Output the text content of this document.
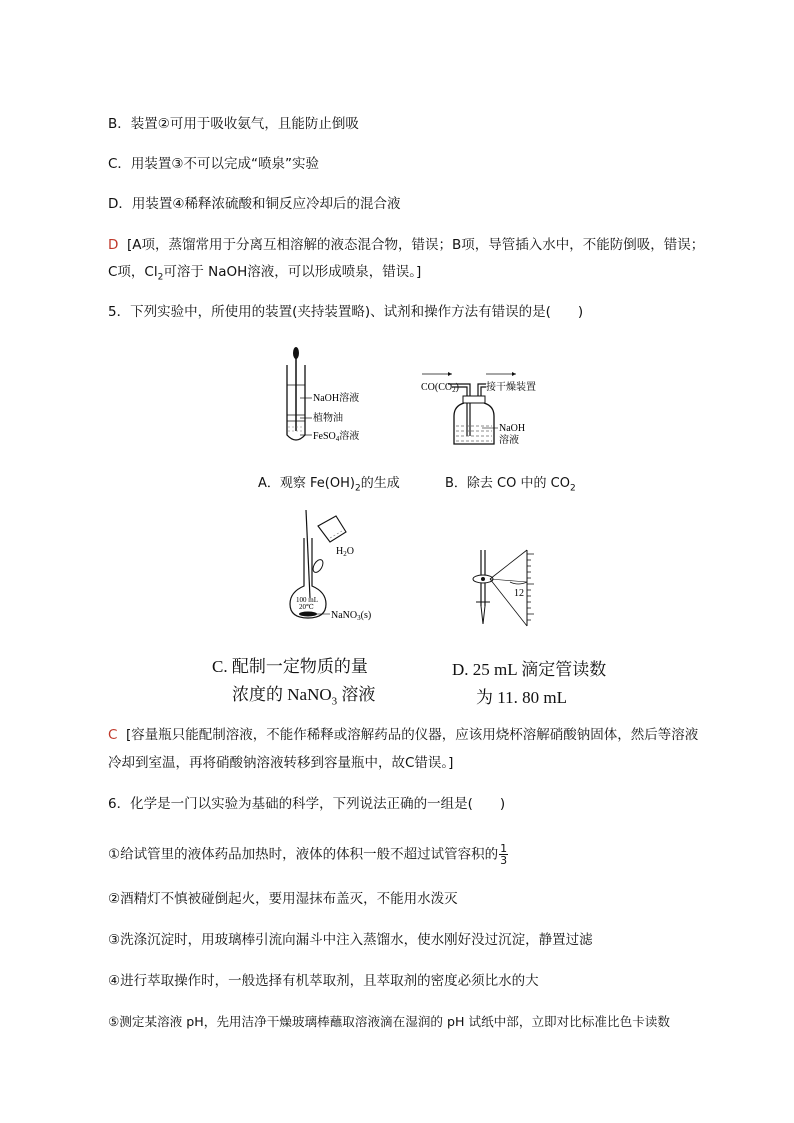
B．装置②可用于吸收氨气，且能防止倒吸
C．用装置③不可以完成“喷泉”实验
D．用装置④稀释浓硫酸和铜反应冷却后的混合液
D [A项，蒸馏常用于分离互相溶解的液态混合物，错误；B项，导管插入水中，不能防倒吸，错误；
C项，$Cl_2$可溶于 NaOH溶液，可以形成喷泉，错误。]
5．下列实验中，所使用的装置(夹持装置略)、试剂和操作方法有错误的是(　　)
NaOH溶液
植物油
FeSO$_4$溶液
A．观察 $Fe(OH)_2$的生成
$CO(CO_2)$	接干燥装置
NaOH
溶液
B．除去 CO 中的 $CO_2$
$H_2O$
100 mL
20℃
NaNO$_3$(s)
12
C. 配制一定物质的量
浓度的 NaNO$_3$ 溶液
D. 25 mL 滴定管读数
为 11. 80 mL
C [容量瓶只能配制溶液，不能作稀释或溶解药品的仪器，应该用烧杯溶解硝酸钠固体，然后等溶液
冷却到室温，再将硝酸钠溶液转移到容量瓶中，故C错误。]
6．化学是一门以实验为基础的科学，下列说法正确的一组是(　　)
①给试管里的液体药品加热时，液体的体积一般不超过试管容积的 $\frac{1}{3}$
②酒精灯不慎被碰倒起火，要用湿抹布盖灭，不能用水泼灭
③洗涤沉淀时，用玻璃棒引流向漏斗中注入蒸馏水，使水刚好没过沉淀，静置过滤
④进行萃取操作时，一般选择有机萃取剂，且萃取剂的密度必须比水的大
⑤测定某溶液 pH，先用洁净干燥玻璃棒蘸取溶液滴在湿润的 pH 试纸中部，立即对比标准比色卡读数
